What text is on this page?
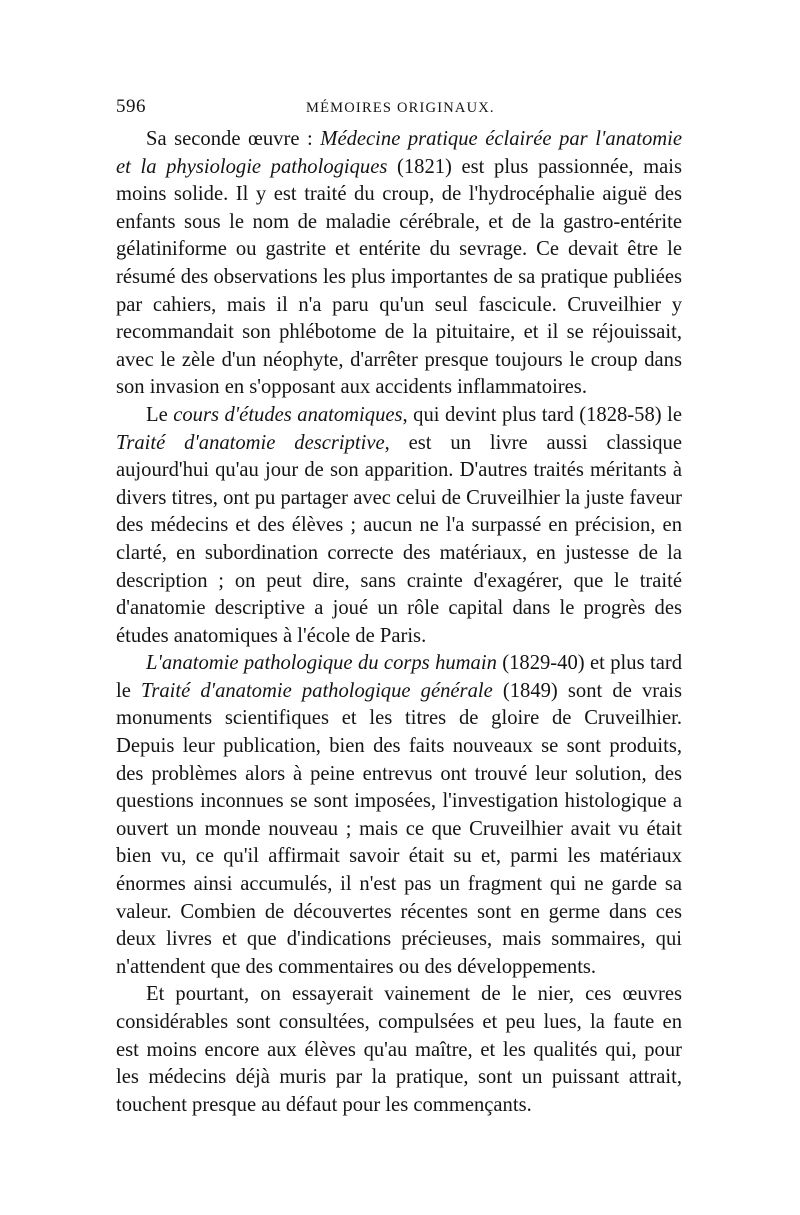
596	MÉMOIRES ORIGINAUX.

Sa seconde œuvre : Médecine pratique éclairée par l'anatomie et la physiologie pathologiques (1821) est plus passionnée, mais moins solide. Il y est traité du croup, de l'hydrocéphalie aiguë des enfants sous le nom de maladie cérébrale, et de la gastro-entérite gélatiniforme ou gastrite et entérite du sevrage. Ce devait être le résumé des observations les plus importantes de sa pratique publiées par cahiers, mais il n'a paru qu'un seul fascicule. Cruveilhier y recommandait son phlébotome de la pituitaire, et il se réjouissait, avec le zèle d'un néophyte, d'arrêter presque toujours le croup dans son invasion en s'opposant aux accidents inflammatoires.

Le cours d'études anatomiques, qui devint plus tard (1828-58) le Traité d'anatomie descriptive, est un livre aussi classique aujourd'hui qu'au jour de son apparition. D'autres traités méritants à divers titres, ont pu partager avec celui de Cruveilhier la juste faveur des médecins et des élèves ; aucun ne l'a surpassé en précision, en clarté, en subordination correcte des matériaux, en justesse de la description ; on peut dire, sans crainte d'exagérer, que le traité d'anatomie descriptive a joué un rôle capital dans le progrès des études anatomiques à l'école de Paris.

L'anatomie pathologique du corps humain (1829-40) et plus tard le Traité d'anatomie pathologique générale (1849) sont de vrais monuments scientifiques et les titres de gloire de Cruveilhier. Depuis leur publication, bien des faits nouveaux se sont produits, des problèmes alors à peine entrevus ont trouvé leur solution, des questions inconnues se sont imposées, l'investigation histologique a ouvert un monde nouveau ; mais ce que Cruveilhier avait vu était bien vu, ce qu'il affirmait savoir était su et, parmi les matériaux énormes ainsi accumulés, il n'est pas un fragment qui ne garde sa valeur. Combien de découvertes récentes sont en germe dans ces deux livres et que d'indications précieuses, mais sommaires, qui n'attendent que des commentaires ou des développements.

Et pourtant, on essayerait vainement de le nier, ces œuvres considérables sont consultées, compulsées et peu lues, la faute en est moins encore aux élèves qu'au maître, et les qualités qui, pour les médecins déjà muris par la pratique, sont un puissant attrait, touchent presque au défaut pour les commençants.
